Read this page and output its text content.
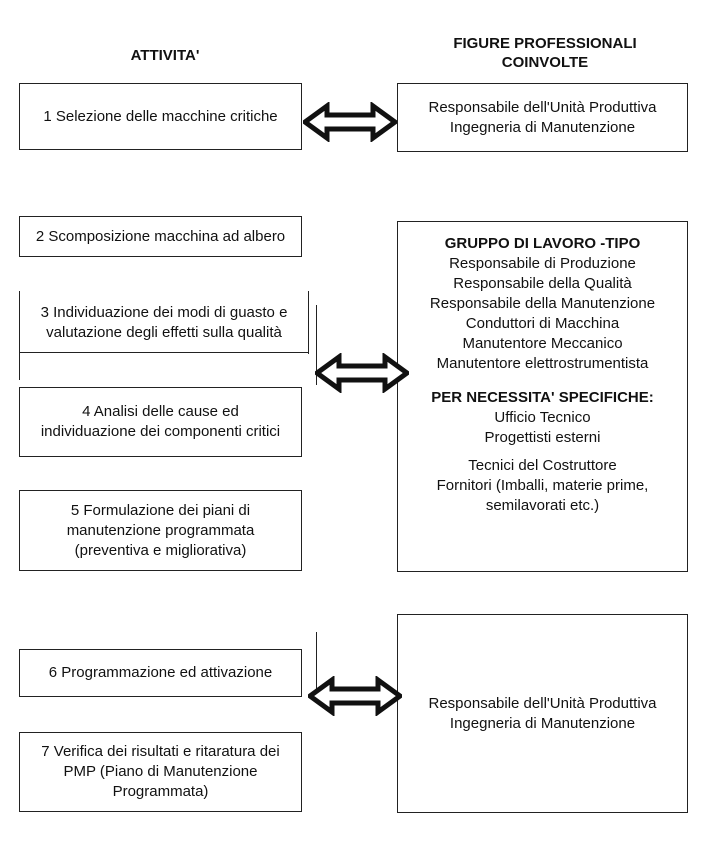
ATTIVITA'
FIGURE PROFESSIONALI
COINVOLTE
1 Selezione delle macchine critiche
2 Scomposizione macchina ad albero
3 Individuazione dei modi di guasto e
valutazione degli effetti sulla qualità
4 Analisi delle cause ed
individuazione dei componenti critici
5 Formulazione dei piani di
manutenzione programmata
(preventiva e migliorativa)
6 Programmazione ed attivazione
7 Verifica dei risultati e ritaratura dei
PMP (Piano di Manutenzione
Programmata)
Responsabile dell'Unità Produttiva
Ingegneria di Manutenzione
GRUPPO DI LAVORO -TIPO
Responsabile di Produzione
Responsabile della Qualità
Responsabile della Manutenzione
Conduttori di Macchina
Manutentore Meccanico
Manutentore elettrostrumentista
PER NECESSITA' SPECIFICHE:
Ufficio Tecnico
Progettisti esterni
Tecnici del Costruttore
Fornitori (Imballi, materie prime,
semilavorati etc.)
Responsabile dell'Unità Produttiva
Ingegneria di Manutenzione
